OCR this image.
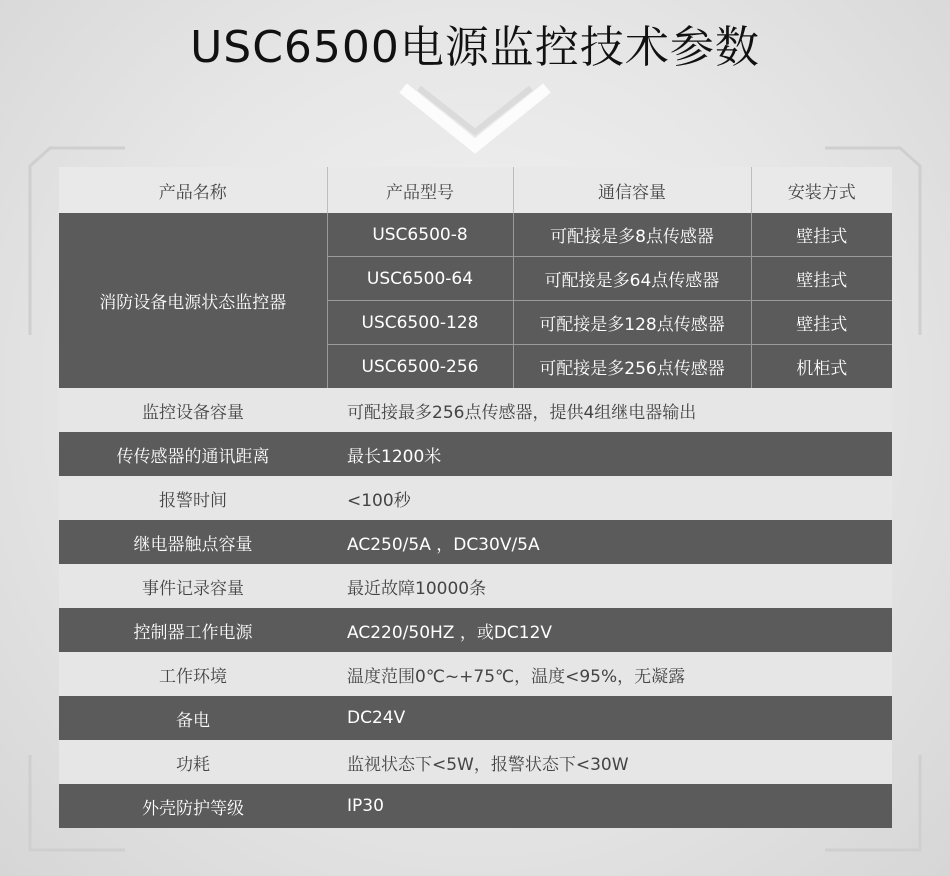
USC6500电源监控技术参数
产品名称	产品型号	通信容量	安装方式
消防设备电源状态监控器	USC6500-8	可配接是多8点传感器	壁挂式
	USC6500-64	可配接是多64点传感器	壁挂式
	USC6500-128	可配接是多128点传感器	壁挂式
	USC6500-256	可配接是多256点传感器	机柜式
监控设备容量	可配接最多256点传感器，提供4组继电器输出		
传传感器的通讯距离	最长1200米		
报警时间	<100秒		
继电器触点容量	AC250/5A ，DC30V/5A		
事件记录容量	最近故障10000条		
控制器工作电源	AC220/50HZ ，或DC12V		
工作环境	温度范围0℃~+75℃，温度<95%，无凝露		
备电	DC24V		
功耗	监视状态下<5W，报警状态下<30W		
外壳防护等级	IP30		
